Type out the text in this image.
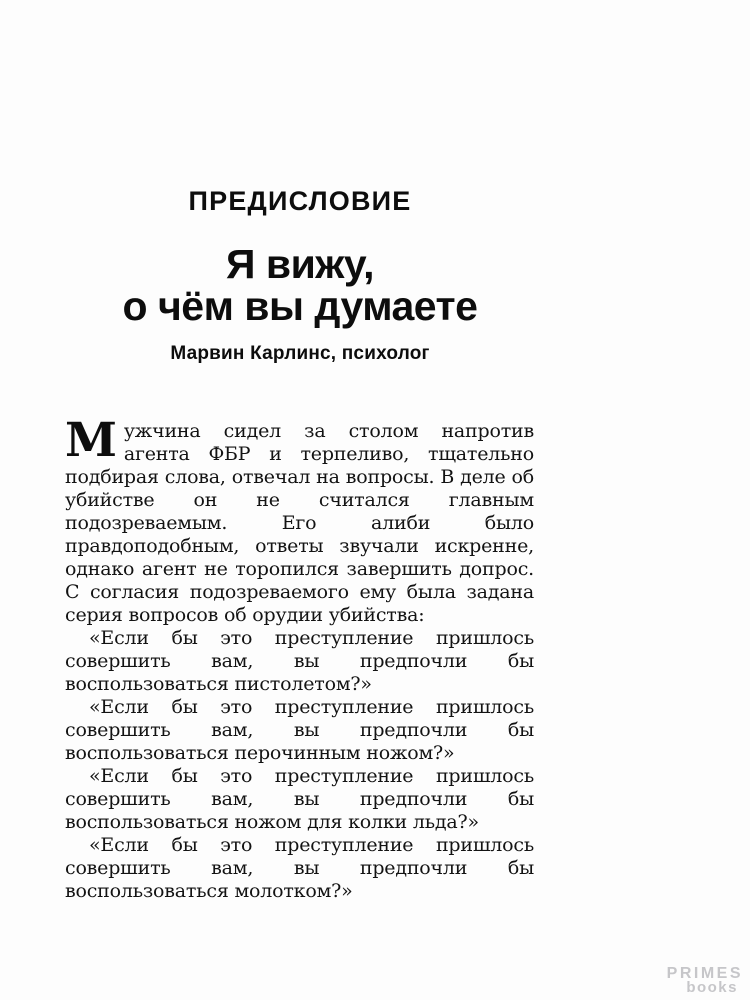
ПРЕДИСЛОВИЕ
Я вижу,
о чём вы думаете
Марвин Карлинс, психолог

Мужчина сидел за столом напротив агента ФБР и терпеливо, тщательно подбирая слова, отвечал на вопросы. В деле об убийстве он не считался главным подозреваемым. Его алиби было правдоподобным, ответы звучали искренне, однако агент не торопился завершить допрос. С согласия подозреваемого ему была задана серия вопросов об орудии убийства:

«Если бы это преступление пришлось совершить вам, вы предпочли бы воспользоваться пистолетом?»

«Если бы это преступление пришлось совершить вам, вы предпочли бы воспользоваться перочинным ножом?»

«Если бы это преступление пришлось совершить вам, вы предпочли бы воспользоваться ножом для колки льда?»

«Если бы это преступление пришлось совершить вам, вы предпочли бы воспользоваться молотком?»

PRIMES
books
